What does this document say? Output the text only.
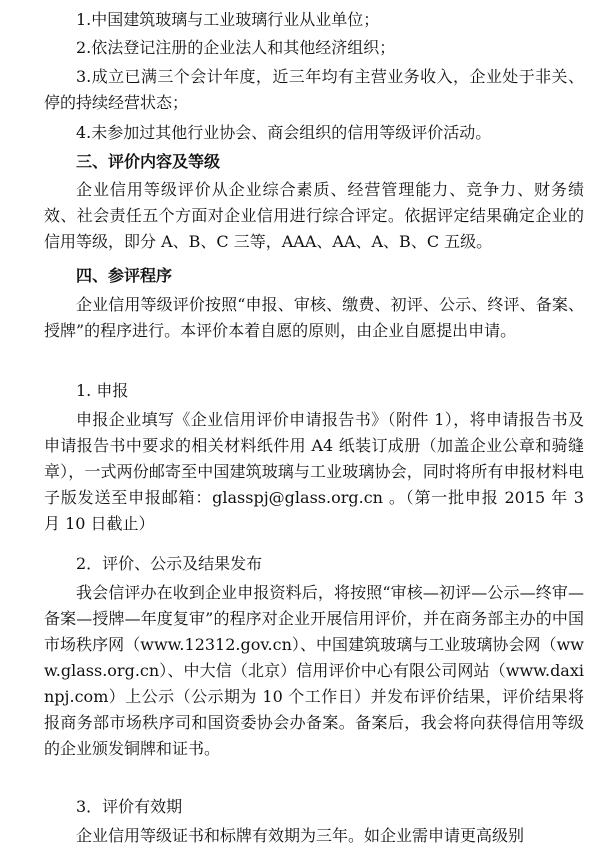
1.中国建筑玻璃与工业玻璃行业从业单位；

2.依法登记注册的企业法人和其他经济组织；

3.成立已满三个会计年度，近三年均有主营业务收入，企业处于非关、停的持续经营状态；

4.未参加过其他行业协会、商会组织的信用等级评价活动。

三、评价内容及等级

企业信用等级评价从企业综合素质、经营管理能力、竞争力、财务绩效、社会责任五个方面对企业信用进行综合评定。依据评定结果确定企业的信用等级，即分 A、B、C 三等，AAA、AA、A、B、C 五级。

四、参评程序

企业信用等级评价按照“申报、审核、缴费、初评、公示、终评、备案、授牌”的程序进行。本评价本着自愿的原则，由企业自愿提出申请。

1. 申报

申报企业填写《企业信用评价申请报告书》（附件 1），将申请报告书及申请报告书中要求的相关材料纸件用 A4 纸装订成册（加盖企业公章和骑缝章），一式两份邮寄至中国建筑玻璃与工业玻璃协会，同时将所有申报材料电子版发送至申报邮箱：glasspj@glass.org.cn 。（第一批申报 2015 年 3 月 10 日截止）

2．评价、公示及结果发布

我会信评办在收到企业申报资料后，将按照“审核—初评—公示—终审—备案—授牌—年度复审”的程序对企业开展信用评价，并在商务部主办的中国市场秩序网（www.12312.gov.cn）、中国建筑玻璃与工业玻璃协会网（www.glass.org.cn）、中大信（北京）信用评价中心有限公司网站（www.daxinpj.com）上公示（公示期为 10 个工作日）并发布评价结果，评价结果将报商务部市场秩序司和国资委协会办备案。备案后，我会将向获得信用等级的企业颁发铜牌和证书。

3．评价有效期

企业信用等级证书和标牌有效期为三年。如企业需申请更高级别
